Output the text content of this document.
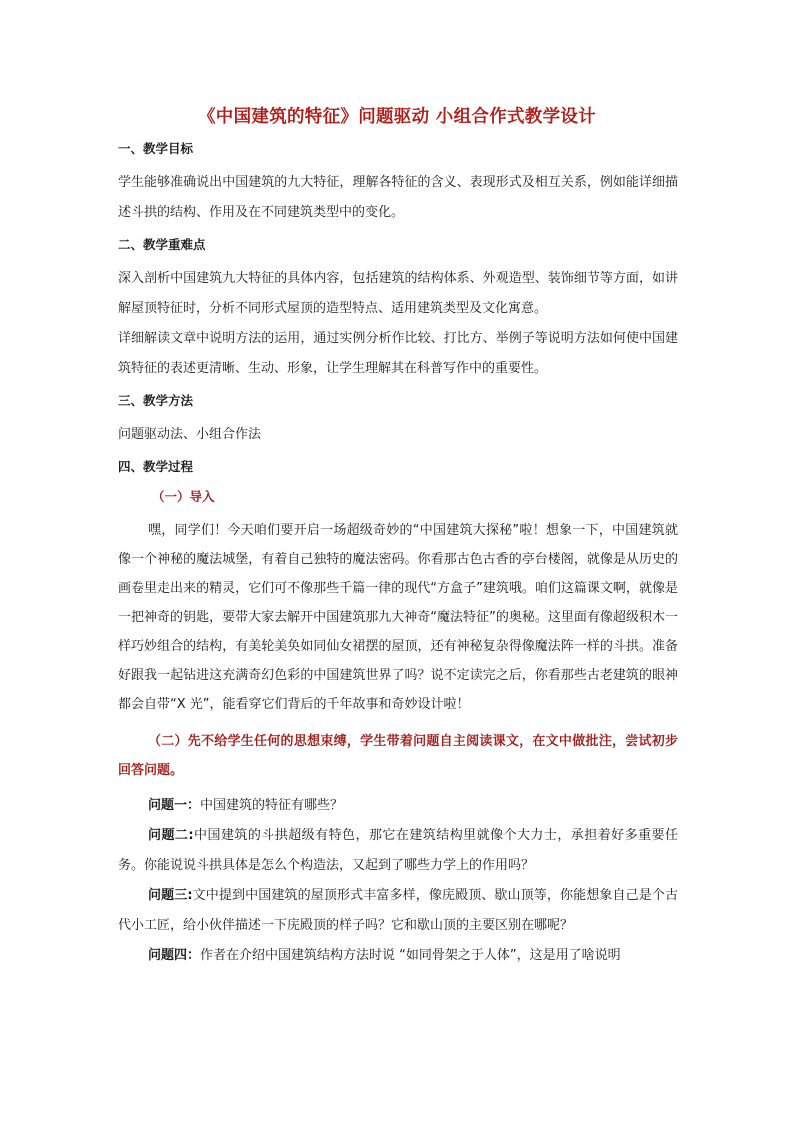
《中国建筑的特征》问题驱动 小组合作式教学设计
一、教学目标

学生能够准确说出中国建筑的九大特征，理解各特征的含义、表现形式及相互关系，例如能详细描述斗拱的结构、作用及在不同建筑类型中的变化。

二、教学重难点

深入剖析中国建筑九大特征的具体内容，包括建筑的结构体系、外观造型、装饰细节等方面，如讲解屋顶特征时，分析不同形式屋顶的造型特点、适用建筑类型及文化寓意。

详细解读文章中说明方法的运用，通过实例分析作比较、打比方、举例子等说明方法如何使中国建筑特征的表述更清晰、生动、形象，让学生理解其在科普写作中的重要性。

三、教学方法

问题驱动法、小组合作法

四、教学过程
（一）导入

嘿，同学们！今天咱们要开启一场超级奇妙的“中国建筑大探秘”啦！想象一下，中国建筑就像一个神秘的魔法城堡，有着自己独特的魔法密码。你看那古色古香的亭台楼阁，就像是从历史的画卷里走出来的精灵，它们可不像那些千篇一律的现代“方盒子”建筑哦。咱们这篇课文啊，就像是一把神奇的钥匙，要带大家去解开中国建筑那九大神奇“魔法特征”的奥秘。这里面有像超级积木一样巧妙组合的结构，有美轮美奂如同仙女裙摆的屋顶，还有神秘复杂得像魔法阵一样的斗拱。准备好跟我一起钻进这充满奇幻色彩的中国建筑世界了吗？说不定读完之后，你看那些古老建筑的眼神都会自带“X 光”，能看穿它们背后的千年故事和奇妙设计啦！

（二）先不给学生任何的思想束缚，学生带着问题自主阅读课文，在文中做批注，尝试初步回答问题。

问题一：中国建筑的特征有哪些？

问题二:中国建筑的斗拱超级有特色，那它在建筑结构里就像个大力士，承担着好多重要任务。你能说说斗拱具体是怎么个构造法，又起到了哪些力学上的作用吗？

问题三:文中提到中国建筑的屋顶形式丰富多样，像庑殿顶、歇山顶等，你能想象自己是个古代小工匠，给小伙伴描述一下庑殿顶的样子吗？它和歇山顶的主要区别在哪呢？

问题四：作者在介绍中国建筑结构方法时说 “如同骨架之于人体”，这是用了啥说明
